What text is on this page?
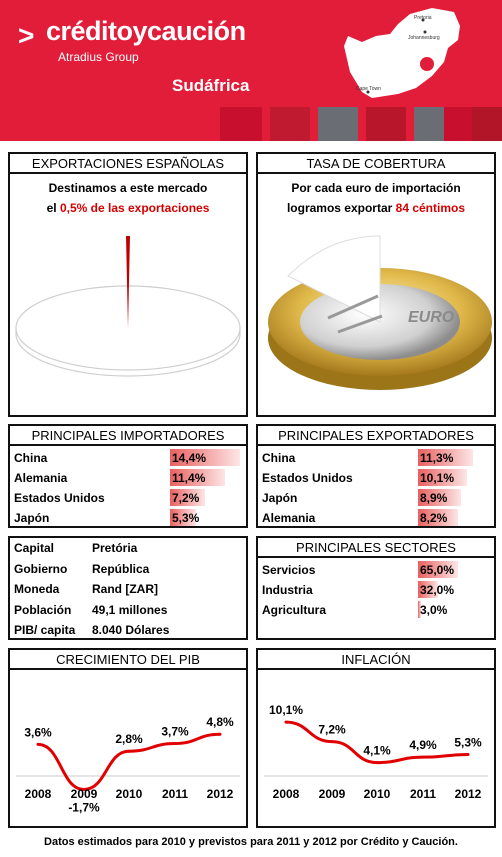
> créditoycaución
Atradius Group
Sudáfrica
Pretoria
Johannesburg
Cape Town
EXPORTACIONES ESPAÑOLAS
Destinamos a este mercado
el 0,5% de las exportaciones
TASA DE COBERTURA
Por cada euro de importación
logramos exportar 84 céntimos
EURO
PRINCIPALES IMPORTADORES
China	14,4%
Alemania	11,4%
Estados Unidos	7,2%
Japón	5,3%
PRINCIPALES EXPORTADORES
China	11,3%
Estados Unidos	10,1%
Japón	8,9%
Alemania	8,2%
Capital	Pretória
Gobierno República
Moneda	Rand [ZAR]
Población 49,1 millones
PIB/ capita 8.040 Dólares
PRINCIPALES SECTORES
Servicios	65,0%
Industria	32,0%
Agricultura	3,0%
CRECIMIENTO DEL PIB
3,6%
2008
-1,7%
2009
2,8%
2010
3,7%
2011
4,8%
2012
INFLACIÓN
10,1%
2008
7,2%
2009
4,1%
2010
4,9%
2011
5,3%
2012
Datos estimados para 2010 y previstos para 2011 y 2012 por Crédito y Caución.
